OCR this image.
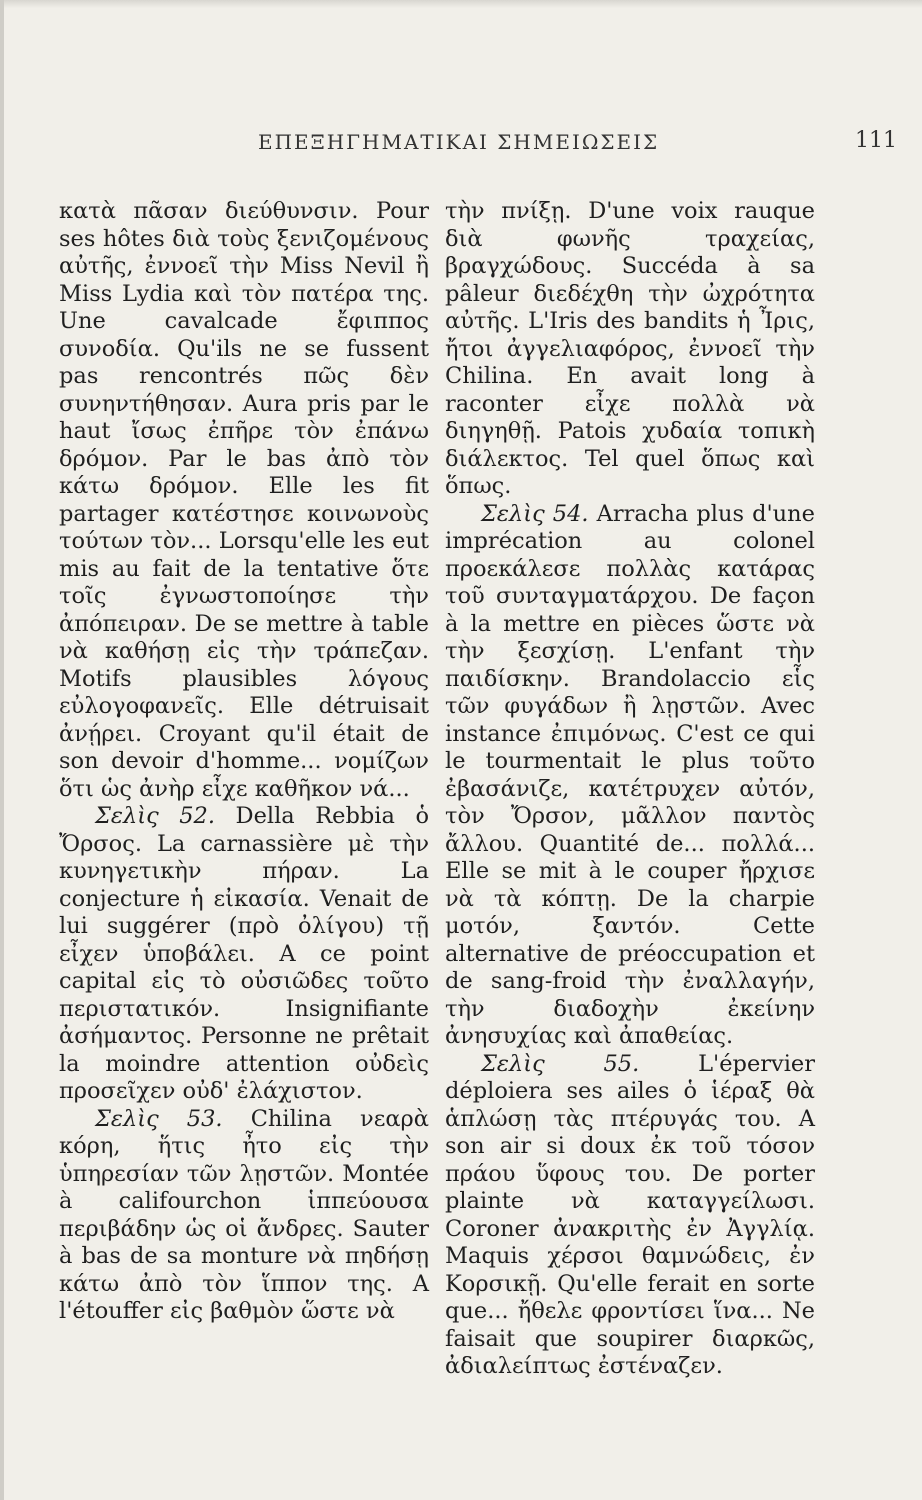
ΕΠΕΞΗΓΗΜΑΤΙΚΑΙ ΣΗΜΕΙΩΣΕΙΣ	111

κατὰ πᾶσαν διεύθυνσιν. Pour ses hôtes διὰ τοὺς ξενιζομένους αὐτῆς, ἐννοεῖ τὴν Miss Nevil ἢ Miss Lydia καὶ τὸν πατέρα της. Une cavalcade ἔφιππος συνοδία. Qu'ils ne se fussent pas rencontrés πῶς δὲν συνηντήθησαν. Aura pris par le haut ἴσως ἐπῆρε τὸν ἐπάνω δρόμον. Par le bas ἀπὸ τὸν κάτω δρόμον. Elle les fit partager κατέστησε κοινωνοὺς τούτων τὸν... Lorsqu'elle les eut mis au fait de la tentative ὅτε τοῖς ἐγνωστοποίησε τὴν ἀπόπειραν. De se mettre à table νὰ καθήσῃ εἰς τὴν τράπεζαν. Motifs plausibles λόγους εὐλογοφανεῖς. Elle détruisait ἀνῄρει. Croyant qu'il était de son devoir d'homme... νομίζων ὅτι ὡς ἀνὴρ εἶχε καθῆκον νά...

Σελὶς 52. Della Rebbia ὁ Ὄρσος. La carnassière μὲ τὴν κυνηγετικὴν πήραν. La conjecture ἡ εἰκασία. Venait de lui suggérer (πρὸ ὀλίγου) τῇ εἶχεν ὑποβάλει. A ce point capital εἰς τὸ οὐσιῶδες τοῦτο περιστατικόν. Insignifiante ἀσήμαντος. Personne ne prêtait la moindre attention οὐδεὶς προσεῖχεν οὐδ' ἐλάχιστον.

Σελὶς 53. Chilina νεαρὰ κόρη, ἥτις ἦτο εἰς τὴν ὑπηρεσίαν τῶν λῃστῶν. Montée à califourchon ἱππεύουσα περιβάδην ὡς οἱ ἄνδρες. Sauter à bas de sa monture νὰ πηδήσῃ κάτω ἀπὸ τὸν ἵππον της. A l'étouffer εἰς βαθμὸν ὥστε νὰ

τὴν πνίξῃ. D'une voix rauque διὰ φωνῆς τραχείας, βραγχώδους. Succéda à sa pâleur διεδέχθη τὴν ὠχρότητα αὐτῆς. L'Iris des bandits ἡ Ἶρις, ἤτοι ἀγγελιαφόρος, ἐννοεῖ τὴν Chilina. En avait long à raconter εἶχε πολλὰ νὰ διηγηθῇ. Patois χυδαία τοπικὴ διάλεκτος. Tel quel ὅπως καὶ ὅπως.

Σελὶς 54. Arracha plus d'une imprécation au colonel προεκάλεσε πολλὰς κατάρας τοῦ συνταγματάρχου. De façon à la mettre en pièces ὥστε νὰ τὴν ξεσχίσῃ. L'enfant τὴν παιδίσκην. Brandolaccio εἷς τῶν φυγάδων ἢ λῃστῶν. Avec instance ἐπιμόνως. C'est ce qui le tourmentait le plus τοῦτο ἐβασάνιζε, κατέτρυχεν αὐτόν, τὸν Ὄρσον, μᾶλλον παντὸς ἄλλου. Quantité de... πολλά... Elle se mit à le couper ἤρχισε νὰ τὰ κόπτῃ. De la charpie μοτόν, ξαντόν. Cette alternative de préoccupation et de sang-froid τὴν ἐναλλαγήν, τὴν διαδοχὴν ἐκείνην ἀνησυχίας καὶ ἀπαθείας.

Σελὶς 55. L'épervier déploiera ses ailes ὁ ἱέραξ θὰ ἁπλώσῃ τὰς πτέρυγάς του. A son air si doux ἐκ τοῦ τόσον πράου ὕφους του. De porter plainte νὰ καταγγείλωσι. Coroner ἀνακριτὴς ἐν Ἀγγλίᾳ. Maquis χέρσοι θαμνώδεις, ἐν Κορσικῇ. Qu'elle ferait en sorte que... ἤθελε φροντίσει ἵνα... Ne faisait que soupirer διαρκῶς, ἀδιαλείπτως ἐστέναζεν.
